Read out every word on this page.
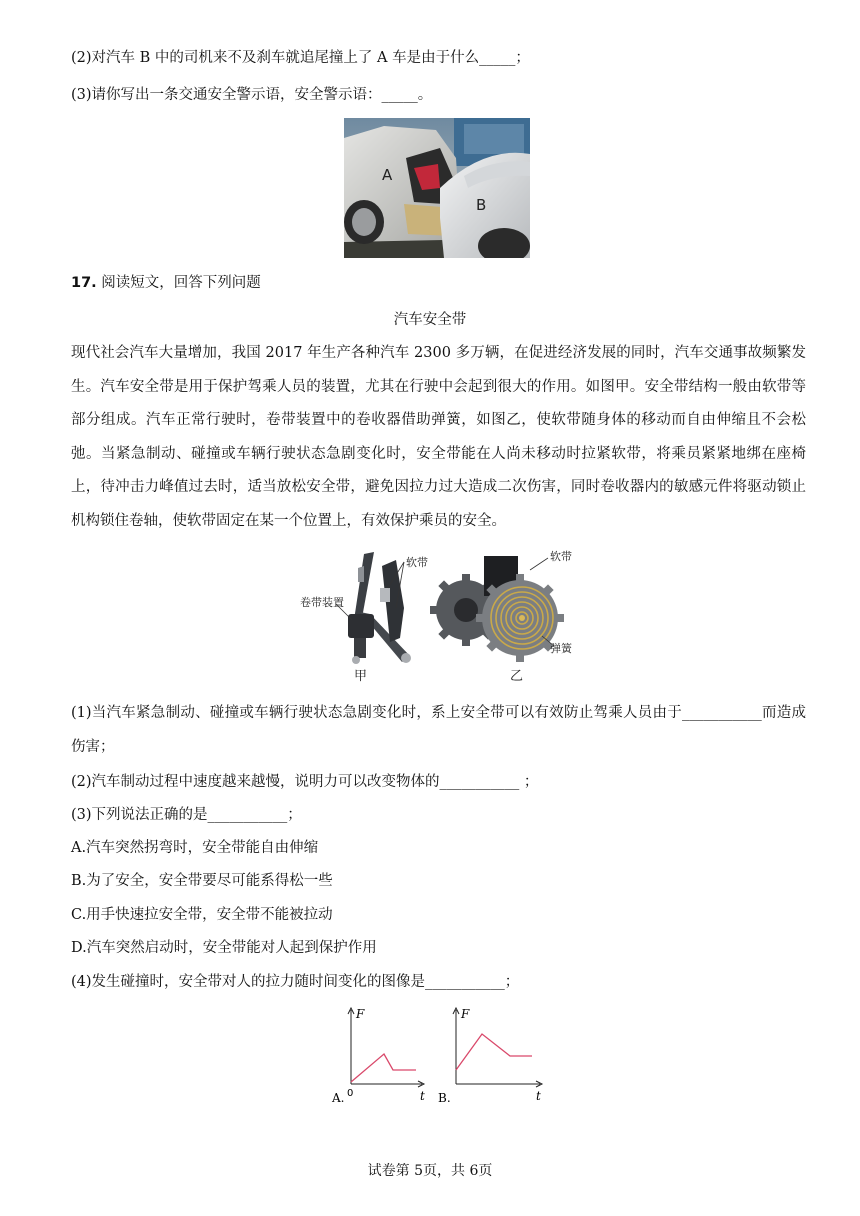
(2)对汽车 B 中的司机来不及刹车就追尾撞上了 A 车是由于什么_____；
(3)请你写出一条交通安全警示语，安全警示语：_____。
A
B
17. 阅读短文，回答下列问题
汽车安全带
现代社会汽车大量增加，我国 2017 年生产各种汽车 2300 多万辆，在促进经济发展的同时，汽车交通事故频繁发生。汽车安全带是用于保护驾乘人员的装置，尤其在行驶中会起到很大的作用。如图甲。安全带结构一般由软带等部分组成。汽车正常行驶时，卷带装置中的卷收器借助弹簧，如图乙，使软带随身体的移动而自由伸缩且不会松弛。当紧急制动、碰撞或车辆行驶状态急剧变化时，安全带能在人尚未移动时拉紧软带，将乘员紧紧地绑在座椅上，待冲击力峰值过去时，适当放松安全带，避免因拉力过大造成二次伤害，同时卷收器内的敏感元件将驱动锁止机构锁住卷轴，使软带固定在某一个位置上，有效保护乘员的安全。
软带
卷带装置
甲
软带
弹簧
乙
(1)当汽车紧急制动、碰撞或车辆行驶状态急剧变化时，系上安全带可以有效防止驾乘人员由于___________而造成伤害；
(2)汽车制动过程中速度越来越慢，说明力可以改变物体的___________ ；
(3)下列说法正确的是___________；
A.汽车突然拐弯时，安全带能自由伸缩
B.为了安全，安全带要尽可能系得松一些
C.用手快速拉安全带，安全带不能被拉动
D.汽车突然启动时，安全带能对人起到保护作用
(4)发生碰撞时，安全带对人的拉力随时间变化的图像是___________；
F
t
A. 0
F
t
B.
试卷第 5页，共 6页
